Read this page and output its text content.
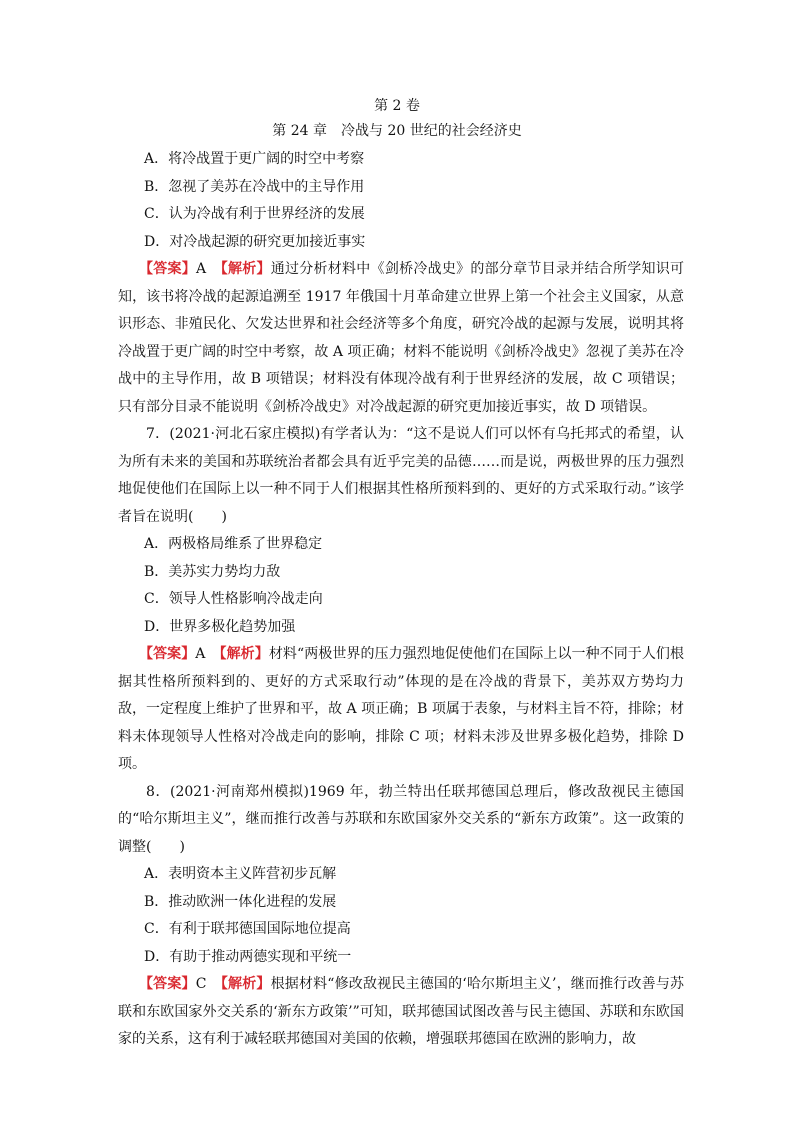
第 2 卷
第 24 章　冷战与 20 世纪的社会经济史

A．将冷战置于更广阔的时空中考察

B．忽视了美苏在冷战中的主导作用

C．认为冷战有利于世界经济的发展

D．对冷战起源的研究更加接近事实

【答案】A　 【解析】通过分析材料中《剑桥冷战史》的部分章节目录并结合所学知识可知，该书将冷战的起源追溯至 1917 年俄国十月革命建立世界上第一个社会主义国家，从意识形态、非殖民化、欠发达世界和社会经济等多个角度，研究冷战的起源与发展，说明其将冷战置于更广阔的时空中考察，故 A 项正确；材料不能说明《剑桥冷战史》忽视了美苏在冷战中的主导作用，故 B 项错误；材料没有体现冷战有利于世界经济的发展，故 C 项错误；只有部分目录不能说明《剑桥冷战史》对冷战起源的研究更加接近事实，故 D 项错误。

7．(2021·河北石家庄模拟)有学者认为：“这不是说人们可以怀有乌托邦式的希望，认为所有未来的美国和苏联统治者都会具有近乎完美的品德……而是说，两极世界的压力强烈地促使他们在国际上以一种不同于人们根据其性格所预料到的、更好的方式采取行动。”该学者旨在说明(　　)

A．两极格局维系了世界稳定

B．美苏实力势均力敌

C．领导人性格影响冷战走向

D．世界多极化趋势加强

【答案】A　 【解析】材料“两极世界的压力强烈地促使他们在国际上以一种不同于人们根据其性格所预料到的、更好的方式采取行动”体现的是在冷战的背景下，美苏双方势均力敌，一定程度上维护了世界和平，故 A 项正确；B 项属于表象，与材料主旨不符，排除；材料未体现领导人性格对冷战走向的影响，排除 C 项；材料未涉及世界多极化趋势，排除 D 项。

8．(2021·河南郑州模拟)1969 年，勃兰特出任联邦德国总理后，修改敌视民主德国的“哈尔斯坦主义”，继而推行改善与苏联和东欧国家外交关系的“新东方政策”。这一政策的调整(　　)

A．表明资本主义阵营初步瓦解

B．推动欧洲一体化进程的发展

C．有利于联邦德国国际地位提高

D．有助于推动两德实现和平统一

【答案】C　 【解析】根据材料“修改敌视民主德国的‘哈尔斯坦主义’，继而推行改善与苏联和东欧国家外交关系的‘新东方政策’”可知，联邦德国试图改善与民主德国、苏联和东欧国家的关系，这有利于减轻联邦德国对美国的依赖，增强联邦德国在欧洲的影响力，故
